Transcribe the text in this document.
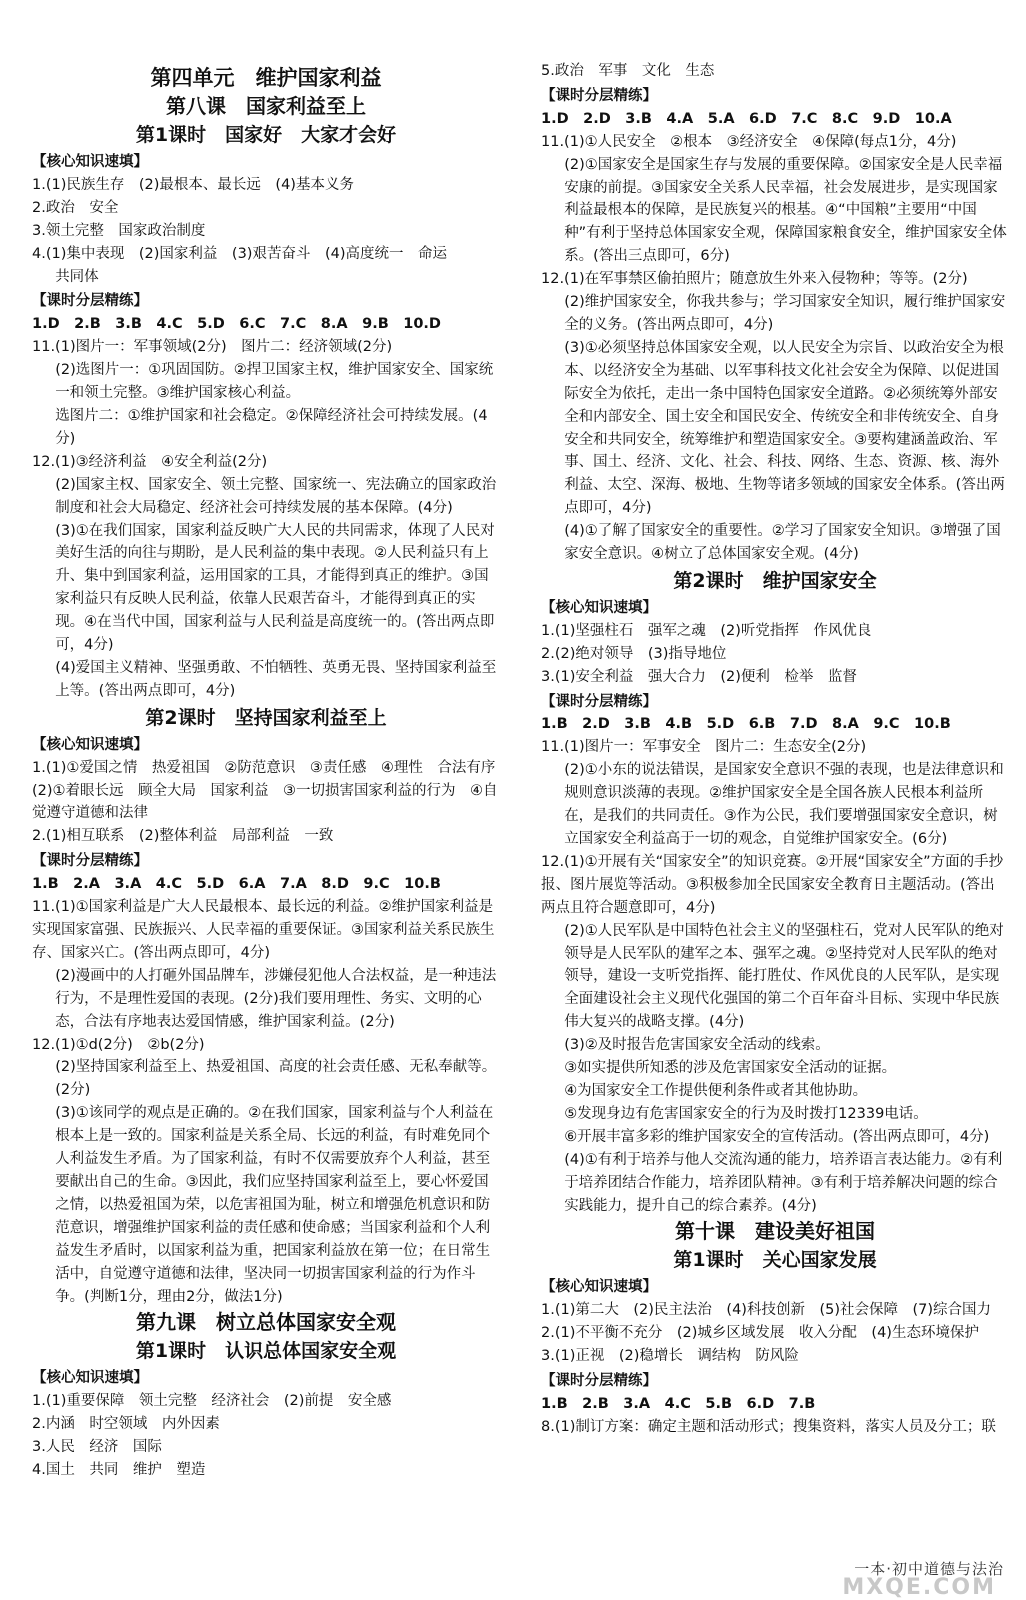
第四单元　维护国家利益
第八课　国家利益至上
第1课时　国家好　大家才会好
【核心知识速填】
1.(1)民族生存　(2)最根本、最长远　(4)基本义务
2.政治　安全
3.领土完整　国家政治制度
4.(1)集中表现　(2)国家利益　(3)艰苦奋斗　(4)高度统一　命运
共同体
【课时分层精练】
1.D　2.B　3.B　4.C　5.D　6.C　7.C　8.A　9.B　10.D
11.(1)图片一：军事领域(2分)　图片二：经济领域(2分)
(2)选图片一：①巩固国防。②捍卫国家主权，维护国家安全、国家统一和领土完整。③维护国家核心利益。
选图片二：①维护国家和社会稳定。②保障经济社会可持续发展。(4分)
12.(1)③经济利益　④安全利益(2分)
(2)国家主权、国家安全、领土完整、国家统一、宪法确立的国家政治制度和社会大局稳定、经济社会可持续发展的基本保障。(4分)
(3)①在我们国家，国家利益反映广大人民的共同需求，体现了人民对美好生活的向往与期盼，是人民利益的集中表现。②人民利益只有上升、集中到国家利益，运用国家的工具，才能得到真正的维护。③国家利益只有反映人民利益，依靠人民艰苦奋斗，才能得到真正的实现。④在当代中国，国家利益与人民利益是高度统一的。(答出两点即可，4分)
(4)爱国主义精神、坚强勇敢、不怕牺牲、英勇无畏、坚持国家利益至上等。(答出两点即可，4分)
第2课时　坚持国家利益至上
【核心知识速填】
1.(1)①爱国之情　热爱祖国　②防范意识　③责任感　④理性　合法有序　(2)①着眼长远　顾全大局　国家利益　③一切损害国家利益的行为　④自觉遵守道德和法律
2.(1)相互联系　(2)整体利益　局部利益　一致
【课时分层精练】
1.B　2.A　3.A　4.C　5.D　6.A　7.A　8.D　9.C　10.B
11.(1)①国家利益是广大人民最根本、最长远的利益。②维护国家利益是实现国家富强、民族振兴、人民幸福的重要保证。③国家利益关系民族生存、国家兴亡。(答出两点即可，4分)
(2)漫画中的人打砸外国品牌车，涉嫌侵犯他人合法权益，是一种违法行为，不是理性爱国的表现。(2分)我们要用理性、务实、文明的心态，合法有序地表达爱国情感，维护国家利益。(2分)
12.(1)①d(2分)　②b(2分)
(2)坚持国家利益至上、热爱祖国、高度的社会责任感、无私奉献等。(2分)
(3)①该同学的观点是正确的。②在我们国家，国家利益与个人利益在根本上是一致的。国家利益是关系全局、长远的利益，有时难免同个人利益发生矛盾。为了国家利益，有时不仅需要放弃个人利益，甚至要献出自己的生命。③因此，我们应坚持国家利益至上，要心怀爱国之情，以热爱祖国为荣，以危害祖国为耻，树立和增强危机意识和防范意识，增强维护国家利益的责任感和使命感；当国家利益和个人利益发生矛盾时，以国家利益为重，把国家利益放在第一位；在日常生活中，自觉遵守道德和法律，坚决同一切损害国家利益的行为作斗争。(判断1分，理由2分，做法1分)
第九课　树立总体国家安全观
第1课时　认识总体国家安全观
【核心知识速填】
1.(1)重要保障　领土完整　经济社会　(2)前提　安全感
2.内涵　时空领域　内外因素
3.人民　经济　国际
4.国土　共同　维护　塑造
5.政治　军事　文化　生态
【课时分层精练】
1.D　2.D　3.B　4.A　5.A　6.D　7.C　8.C　9.D　10.A
11.(1)①人民安全　②根本　③经济安全　④保障(每点1分，4分)
(2)①国家安全是国家生存与发展的重要保障。②国家安全是人民幸福安康的前提。③国家安全关系人民幸福，社会发展进步，是实现国家利益最根本的保障，是民族复兴的根基。④“中国粮”主要用“中国种”有利于坚持总体国家安全观，保障国家粮食安全，维护国家安全体系。(答出三点即可，6分)
12.(1)在军事禁区偷拍照片；随意放生外来入侵物种；等等。(2分)
(2)维护国家安全，你我共参与；学习国家安全知识，履行维护国家安全的义务。(答出两点即可，4分)
(3)①必须坚持总体国家安全观，以人民安全为宗旨、以政治安全为根本、以经济安全为基础、以军事科技文化社会安全为保障、以促进国际安全为依托，走出一条中国特色国家安全道路。②必须统筹外部安全和内部安全、国土安全和国民安全、传统安全和非传统安全、自身安全和共同安全，统筹维护和塑造国家安全。③要构建涵盖政治、军事、国土、经济、文化、社会、科技、网络、生态、资源、核、海外利益、太空、深海、极地、生物等诸多领域的国家安全体系。(答出两点即可，4分)
(4)①了解了国家安全的重要性。②学习了国家安全知识。③增强了国家安全意识。④树立了总体国家安全观。(4分)
第2课时　维护国家安全
【核心知识速填】
1.(1)坚强柱石　强军之魂　(2)听党指挥　作风优良
2.(2)绝对领导　(3)指导地位
3.(1)安全利益　强大合力　(2)便利　检举　监督
【课时分层精练】
1.B　2.D　3.B　4.B　5.D　6.B　7.D　8.A　9.C　10.B
11.(1)图片一：军事安全　图片二：生态安全(2分)
(2)①小东的说法错误，是国家安全意识不强的表现，也是法律意识和规则意识淡薄的表现。②维护国家安全是全国各族人民根本利益所在，是我们的共同责任。③作为公民，我们要增强国家安全意识，树立国家安全利益高于一切的观念，自觉维护国家安全。(6分)
12.(1)①开展有关“国家安全”的知识竞赛。②开展“国家安全”方面的手抄报、图片展览等活动。③积极参加全民国家安全教育日主题活动。(答出两点且符合题意即可，4分)
(2)①人民军队是中国特色社会主义的坚强柱石，党对人民军队的绝对领导是人民军队的建军之本、强军之魂。②坚持党对人民军队的绝对领导，建设一支听党指挥、能打胜仗、作风优良的人民军队，是实现全面建设社会主义现代化强国的第二个百年奋斗目标、实现中华民族伟大复兴的战略支撑。(4分)
(3)②及时报告危害国家安全活动的线索。
③如实提供所知悉的涉及危害国家安全活动的证据。
④为国家安全工作提供便利条件或者其他协助。
⑤发现身边有危害国家安全的行为及时拨打12339电话。
⑥开展丰富多彩的维护国家安全的宣传活动。(答出两点即可，4分)
(4)①有利于培养与他人交流沟通的能力，培养语言表达能力。②有利于培养团结合作能力，培养团队精神。③有利于培养解决问题的综合实践能力，提升自己的综合素养。(4分)
第十课　建设美好祖国
第1课时　关心国家发展
【核心知识速填】
1.(1)第二大　(2)民主法治　(4)科技创新　(5)社会保障　(7)综合国力
2.(1)不平衡不充分　(2)城乡区域发展　收入分配　(4)生态环境保护
3.(1)正视　(2)稳增长　调结构　防风险
【课时分层精练】
1.B　2.B　3.A　4.C　5.B　6.D　7.B
8.(1)制订方案：确定主题和活动形式；搜集资料，落实人员及分工；联
一本·初中道德与法治
MXQE.COM
